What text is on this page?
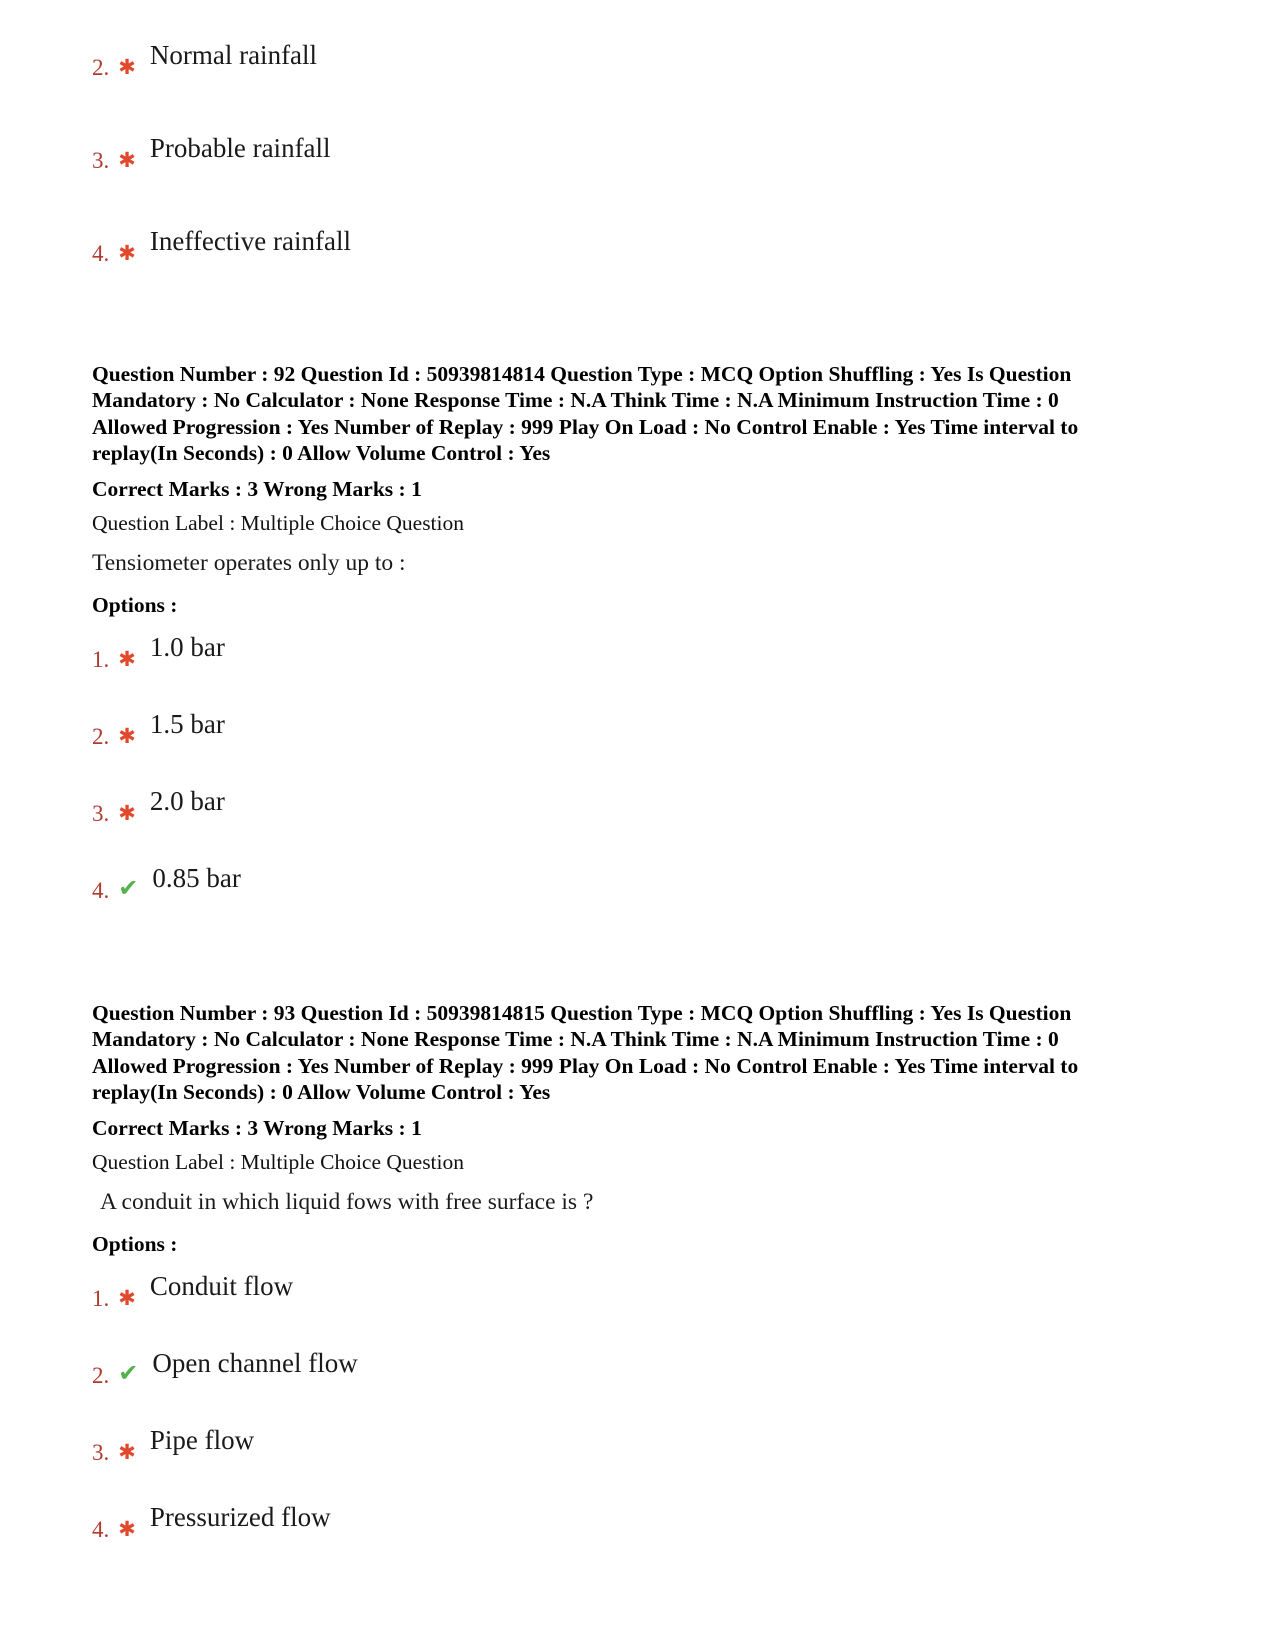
2. ✱ Normal rainfall
3. ✱ Probable rainfall
4. ✱ Ineffective rainfall

Question Number : 92 Question Id : 50939814814 Question Type : MCQ Option Shuffling : Yes Is Question Mandatory : No Calculator : None Response Time : N.A Think Time : N.A Minimum Instruction Time : 0 Allowed Progression : Yes Number of Replay : 999 Play On Load : No Control Enable : Yes Time interval to replay(In Seconds) : 0 Allow Volume Control : Yes

Correct Marks : 3 Wrong Marks : 1

Question Label : Multiple Choice Question

Tensiometer operates only up to :

Options :

1. ✱ 1.0 bar
2. ✱ 1.5 bar
3. ✱ 2.0 bar
4. ✔ 0.85 bar

Question Number : 93 Question Id : 50939814815 Question Type : MCQ Option Shuffling : Yes Is Question Mandatory : No Calculator : None Response Time : N.A Think Time : N.A Minimum Instruction Time : 0 Allowed Progression : Yes Number of Replay : 999 Play On Load : No Control Enable : Yes Time interval to replay(In Seconds) : 0 Allow Volume Control : Yes

Correct Marks : 3 Wrong Marks : 1

Question Label : Multiple Choice Question

A conduit in which liquid fows with free surface is ?

Options :

1. ✱ Conduit flow
2. ✔ Open channel flow
3. ✱ Pipe flow
4. ✱ Pressurized flow
